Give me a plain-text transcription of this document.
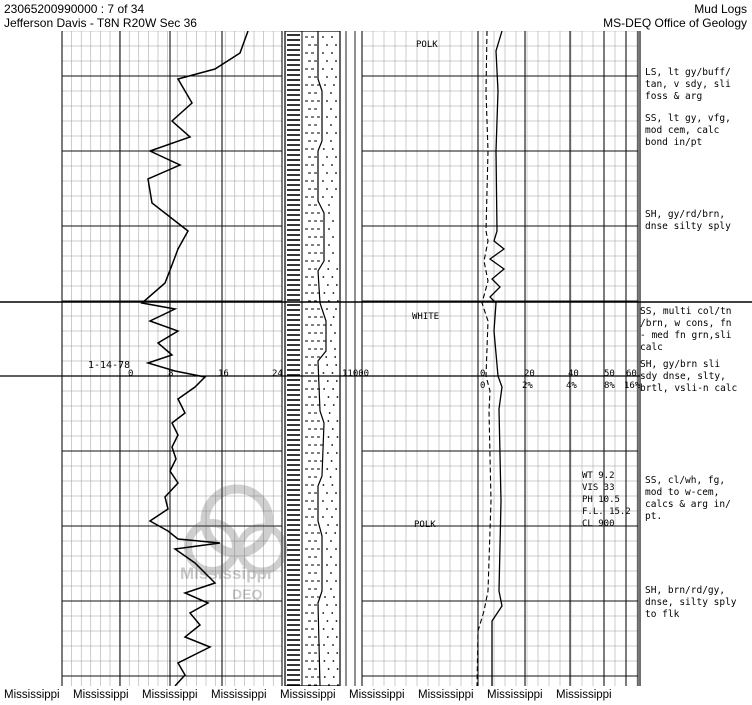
23065200990000 : 7 of 34
Jefferson Davis - T8N R20W Sec 36
Mud Logs
MS-DEQ Office of Geology
Mississippi
DEQ
1-14-78
0	8	16	24	11000	0	20	40	50 60
0	2%	4%	8% 16%
POLK
WHITE
POLK
WT 9.2
VIS 33
PH 10.5
F.L. 15.2
CL 900
LS, lt gy/buff/ tan, v sdy, sli foss & arg
SS, lt gy, vfg, mod cem, calc bond in/pt
SH, gy/rd/brn, dnse silty sply
SS, multi col/tn /brn, w cons, fn - med fn grn,sli calc
SH, gy/brn sli sdy dnse, slty, brtl, vsli-n calc
SS, cl/wh, fg, mod to w-cem, calcs & arg in/ pt.
SH, brn/rd/gy, dnse, silty sply to flk
Mississippi Mississippi Mississippi Mississippi Mississippi Mississippi Mississippi Mississippi Mississippi
